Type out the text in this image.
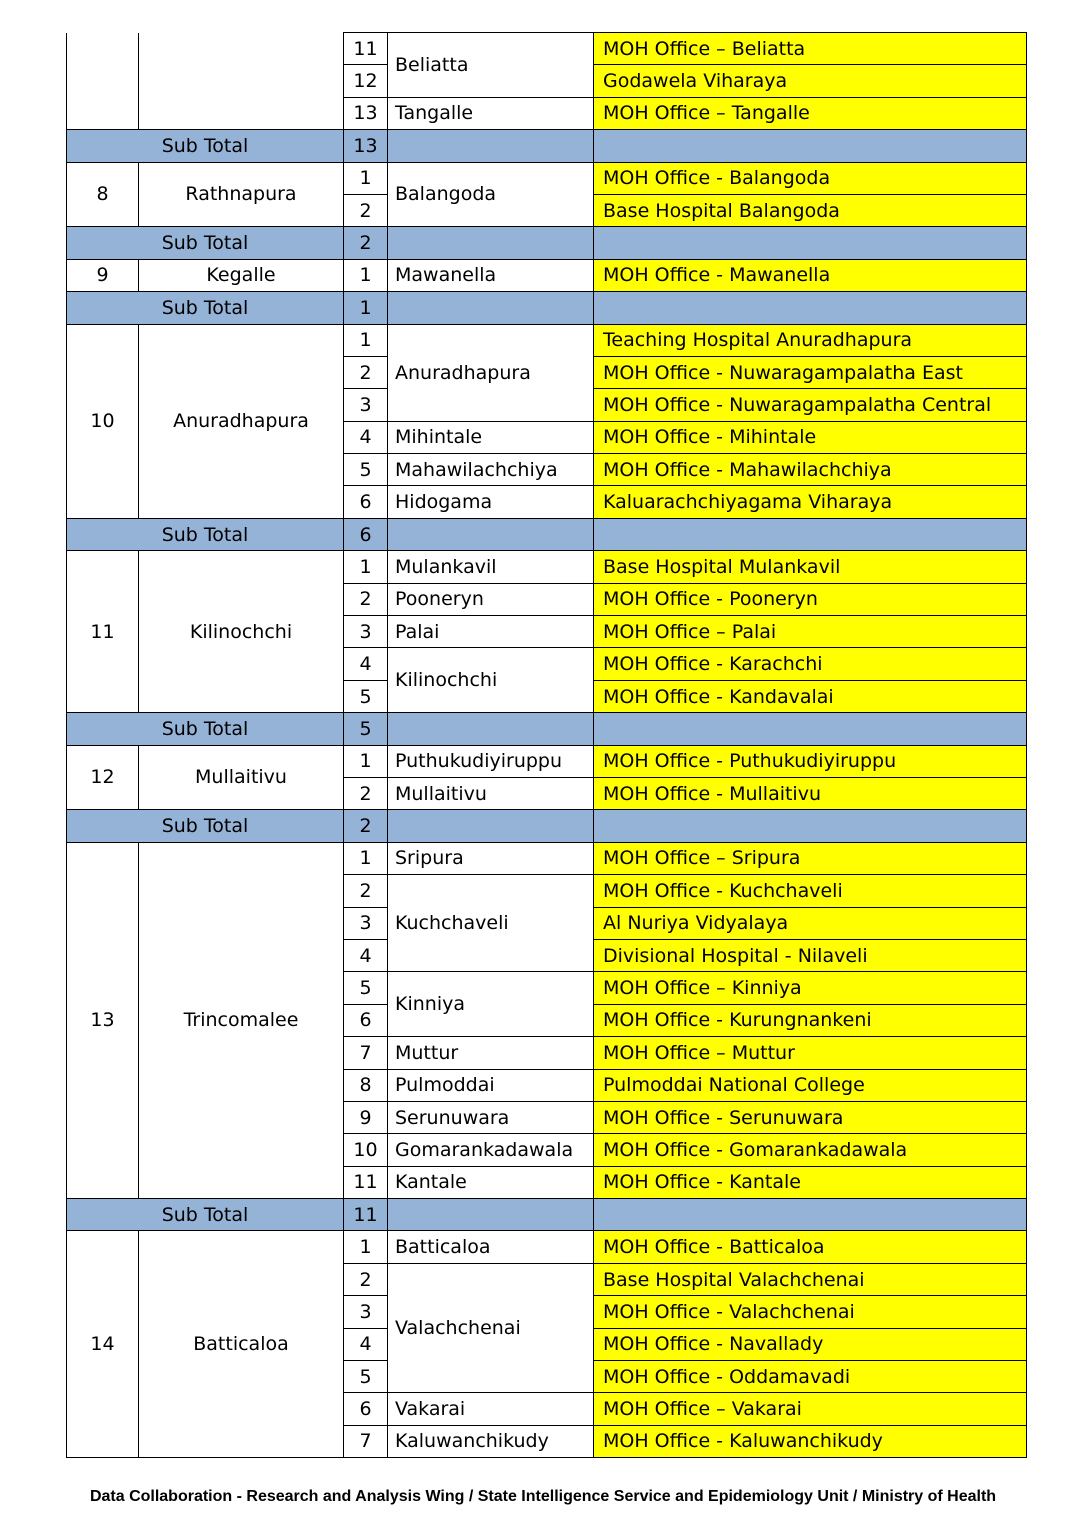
		11	Beliatta	MOH Office – Beliatta
		12		Godawela Viharaya
		13	Tangalle	MOH Office – Tangalle
Sub Total		13		
8	Rathnapura	1	Balangoda	MOH Office - Balangoda
		2		Base Hospital Balangoda
Sub Total		2		
9	Kegalle	1	Mawanella	MOH Office - Mawanella
Sub Total		1		
10	Anuradhapura	1	Anuradhapura	Teaching Hospital Anuradhapura
		2		MOH Office - Nuwaragampalatha East
		3		MOH Office - Nuwaragampalatha Central
		4	Mihintale	MOH Office - Mihintale
		5	Mahawilachchiya	MOH Office - Mahawilachchiya
		6	Hidogama	Kaluarachchiyagama Viharaya
Sub Total		6		
11	Kilinochchi	1	Mulankavil	Base Hospital Mulankavil
		2	Pooneryn	MOH Office - Pooneryn
		3	Palai	MOH Office – Palai
		4	Kilinochchi	MOH Office - Karachchi
		5		MOH Office - Kandavalai
Sub Total		5		
12	Mullaitivu	1	Puthukudiyiruppu	MOH Office - Puthukudiyiruppu
		2	Mullaitivu	MOH Office - Mullaitivu
Sub Total		2		
13	Trincomalee	1	Sripura	MOH Office – Sripura
		2	Kuchchaveli	MOH Office - Kuchchaveli
		3		Al Nuriya Vidyalaya
		4		Divisional Hospital - Nilaveli
		5	Kinniya	MOH Office – Kinniya
		6		MOH Office - Kurungnankeni
		7	Muttur	MOH Office – Muttur
		8	Pulmoddai	Pulmoddai National College
		9	Serunuwara	MOH Office - Serunuwara
		10	Gomarankadawala	MOH Office - Gomarankadawala
		11	Kantale	MOH Office - Kantale
Sub Total		11		
14	Batticaloa	1	Batticaloa	MOH Office - Batticaloa
		2	Valachchenai	Base Hospital Valachchenai
		3		MOH Office - Valachchenai
		4		MOH Office - Navallady
		5		MOH Office - Oddamavadi
		6	Vakarai	MOH Office – Vakarai
		7	Kaluwanchikudy	MOH Office - Kaluwanchikudy
Data Collaboration - Research and Analysis Wing / State Intelligence Service and Epidemiology Unit / Ministry of Health
